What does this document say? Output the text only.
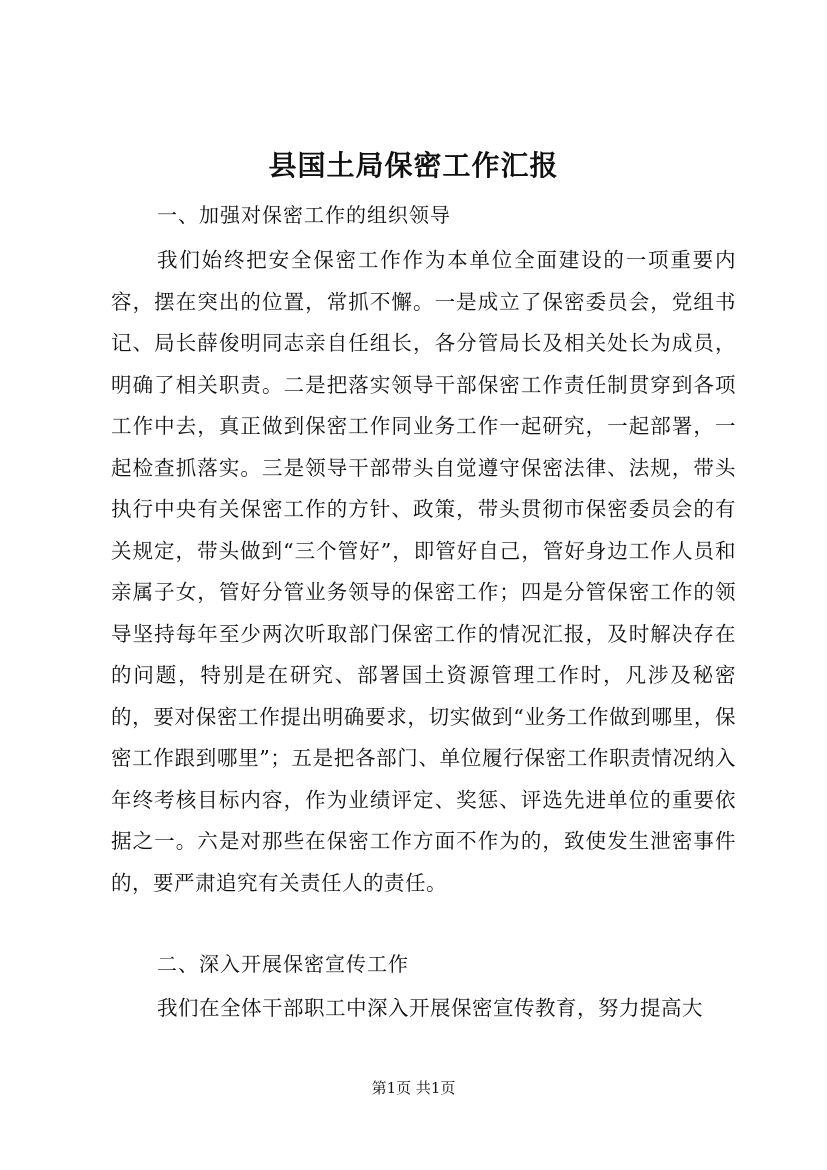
县国土局保密工作汇报
一、加强对保密工作的组织领导

我们始终把安全保密工作作为本单位全面建设的一项重要内容，摆在突出的位置，常抓不懈。一是成立了保密委员会，党组书记、局长薛俊明同志亲自任组长，各分管局长及相关处长为成员，明确了相关职责。二是把落实领导干部保密工作责任制贯穿到各项工作中去，真正做到保密工作同业务工作一起研究，一起部署，一起检查抓落实。三是领导干部带头自觉遵守保密法律、法规，带头执行中央有关保密工作的方针、政策，带头贯彻市保密委员会的有关规定，带头做到“三个管好”，即管好自己，管好身边工作人员和亲属子女，管好分管业务领导的保密工作；四是分管保密工作的领导坚持每年至少两次听取部门保密工作的情况汇报，及时解决存在的问题，特别是在研究、部署国土资源管理工作时，凡涉及秘密的，要对保密工作提出明确要求，切实做到“业务工作做到哪里，保密工作跟到哪里”；五是把各部门、单位履行保密工作职责情况纳入年终考核目标内容，作为业绩评定、奖惩、评选先进单位的重要依据之一。六是对那些在保密工作方面不作为的，致使发生泄密事件的，要严肃追究有关责任人的责任。

二、深入开展保密宣传工作

我们在全体干部职工中深入开展保密宣传教育，努力提高大

第1页 共1页
